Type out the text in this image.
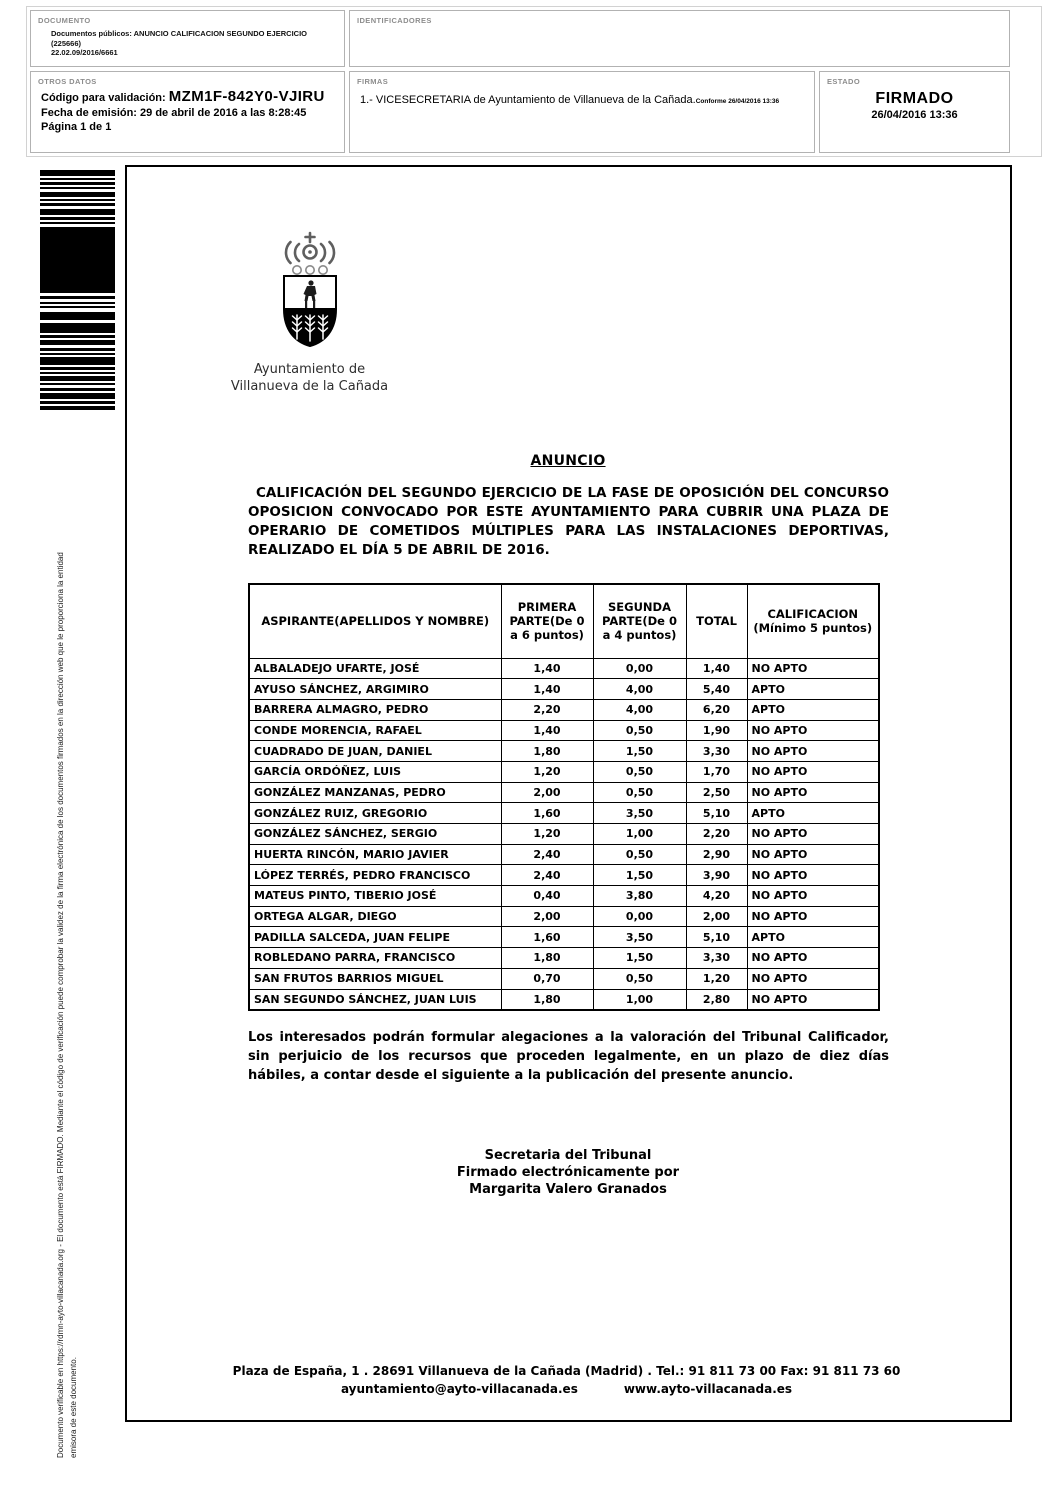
DOCUMENTO
Documentos públicos: ANUNCIO CALIFICACION SEGUNDO EJERCICIO (225666)
22.02.09/2016/6661
IDENTIFICADORES
OTROS DATOS
Código para validación: MZM1F-842Y0-VJIRU
Fecha de emisión: 29 de abril de 2016 a las 8:28:45
Página 1 de 1
FIRMAS
1.- VICESECRETARIA de Ayuntamiento de Villanueva de la Cañada.Conforme 26/04/2016 13:36
ESTADO
FIRMADO
26/04/2016 13:36
Documento verificable en https://rdmn-ayto-villacanada.org - El documento está FIRMADO. Mediante el código de verificación puede comprobar la validez de la firma electrónica de los documentos firmados en la dirección web que le proporciona la entidad emisora de este documento.
Ayuntamiento de
Villanueva de la Cañada
ANUNCIO
CALIFICACIÓN DEL SEGUNDO EJERCICIO DE LA FASE DE OPOSICIÓN DEL CONCURSO OPOSICION CONVOCADO POR ESTE AYUNTAMIENTO PARA CUBRIR UNA PLAZA DE OPERARIO DE COMETIDOS MÚLTIPLES PARA LAS INSTALACIONES DEPORTIVAS, REALIZADO EL DÍA 5 DE ABRIL DE 2016.
ASPIRANTE(APELLIDOS Y NOMBRE)	PRIMERA PARTE(De 0 a 6 puntos)	SEGUNDA PARTE(De 0 a 4 puntos)	TOTAL	CALIFICACION (Mínimo 5 puntos)
ALBALADEJO UFARTE, JOSÉ	1,40	0,00	1,40	NO APTO
AYUSO SÁNCHEZ, ARGIMIRO	1,40	4,00	5,40	APTO
BARRERA ALMAGRO, PEDRO	2,20	4,00	6,20	APTO
CONDE MORENCIA, RAFAEL	1,40	0,50	1,90	NO APTO
CUADRADO DE JUAN, DANIEL	1,80	1,50	3,30	NO APTO
GARCÍA ORDÓÑEZ, LUIS	1,20	0,50	1,70	NO APTO
GONZÁLEZ MANZANAS, PEDRO	2,00	0,50	2,50	NO APTO
GONZÁLEZ RUIZ, GREGORIO	1,60	3,50	5,10	APTO
GONZÁLEZ SÁNCHEZ, SERGIO	1,20	1,00	2,20	NO APTO
HUERTA RINCÓN, MARIO JAVIER	2,40	0,50	2,90	NO APTO
LÓPEZ TERRÉS, PEDRO FRANCISCO	2,40	1,50	3,90	NO APTO
MATEUS PINTO, TIBERIO JOSÉ	0,40	3,80	4,20	NO APTO
ORTEGA ALGAR, DIEGO	2,00	0,00	2,00	NO APTO
PADILLA SALCEDA, JUAN FELIPE	1,60	3,50	5,10	APTO
ROBLEDANO PARRA, FRANCISCO	1,80	1,50	3,30	NO APTO
SAN FRUTOS BARRIOS MIGUEL	0,70	0,50	1,20	NO APTO
SAN SEGUNDO SÁNCHEZ, JUAN LUIS	1,80	1,00	2,80	NO APTO
Los interesados podrán formular alegaciones a la valoración del Tribunal Calificador, sin perjuicio de los recursos que proceden legalmente, en un plazo de diez días hábiles, a contar desde el siguiente a la publicación del presente anuncio.
Secretaria del Tribunal
Firmado electrónicamente por
Margarita Valero Granados
Plaza de España, 1 . 28691 Villanueva de la Cañada (Madrid) . Tel.: 91 811 73 00 Fax: 91 811 73 60
ayuntamiento@ayto-villacanada.es	www.ayto-villacanada.es
